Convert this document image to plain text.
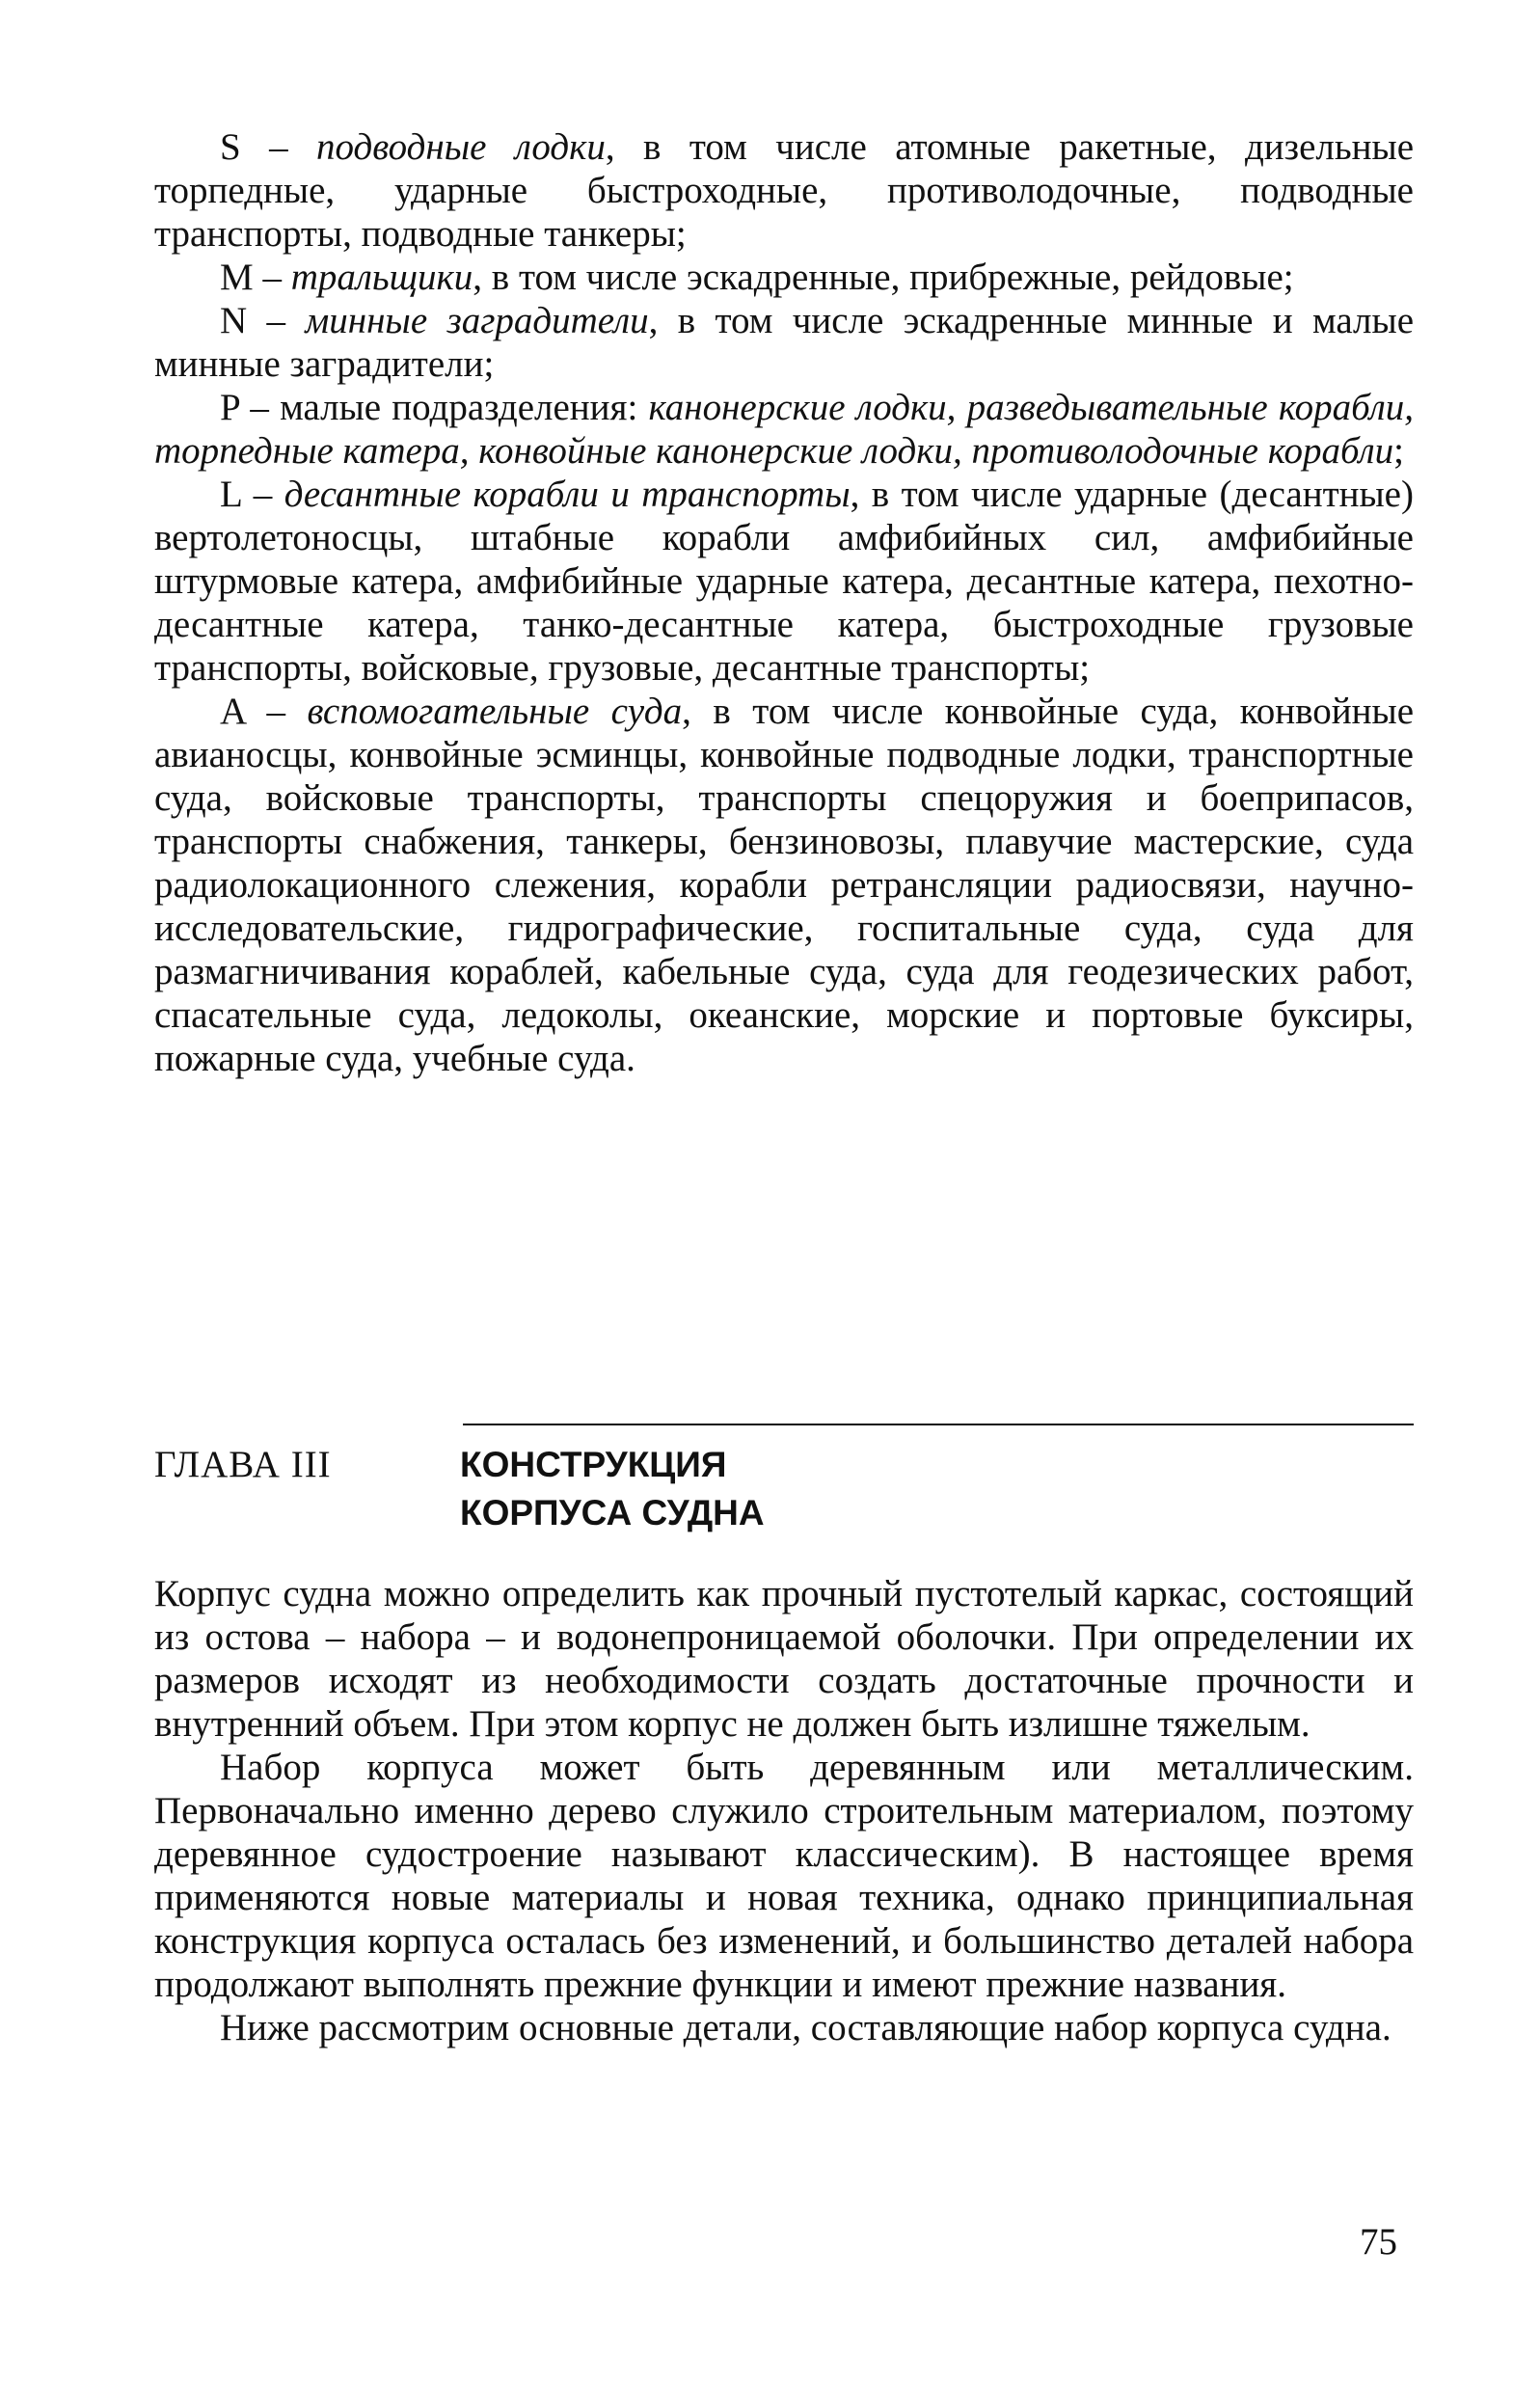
S – подводные лодки, в том числе атомные ракетные, дизельные торпедные, ударные быстроходные, противолодочные, подводные транспорты, подводные танкеры;

M – тральщики, в том числе эскадренные, прибрежные, рейдовые;

N – минные заградители, в том числе эскадренные минные и малые минные заградители;

P – малые подразделения: канонерские лодки, разведывательные корабли, торпедные катера, конвойные канонерские лодки, противолодочные корабли;

L – десантные корабли и транспорты, в том числе ударные (десантные) вертолетоносцы, штабные корабли амфибийных сил, амфибийные штурмовые катера, амфибийные ударные катера, десантные катера, пехотно-десантные катера, танко-десантные катера, быстроходные грузовые транспорты, войсковые, грузовые, десантные транспорты;

A – вспомогательные суда, в том числе конвойные суда, конвойные авианосцы, конвойные эсминцы, конвойные подводные лодки, транспортные суда, войсковые транспорты, транспорты спецоружия и боеприпасов, транспорты снабжения, танкеры, бензиновозы, плавучие мастерские, суда радиолокационного слежения, корабли ретрансляции радиосвязи, научно-исследовательские, гидрографические, госпитальные суда, суда для размагничивания кораблей, кабельные суда, суда для геодезических работ, спасательные суда, ледоколы, океанские, морские и портовые буксиры, пожарные суда, учебные суда.

ГЛАВА III	КОНСТРУКЦИЯ
КОРПУСА СУДНА

Корпус судна можно определить как прочный пустотелый каркас, состоящий из остова – набора – и водонепроницаемой оболочки. При определении их размеров исходят из необходимости создать достаточные прочности и внутренний объем. При этом корпус не должен быть излишне тяжелым.

Набор корпуса может быть деревянным или металлическим. Первоначально именно дерево служило строительным материалом, поэтому деревянное судостроение называют классическим). В настоящее время применяются новые материалы и новая техника, однако принципиальная конструкция корпуса осталась без изменений, и большинство деталей набора продолжают выполнять прежние функции и имеют прежние названия.

Ниже рассмотрим основные детали, составляющие набор корпуса судна.

75
